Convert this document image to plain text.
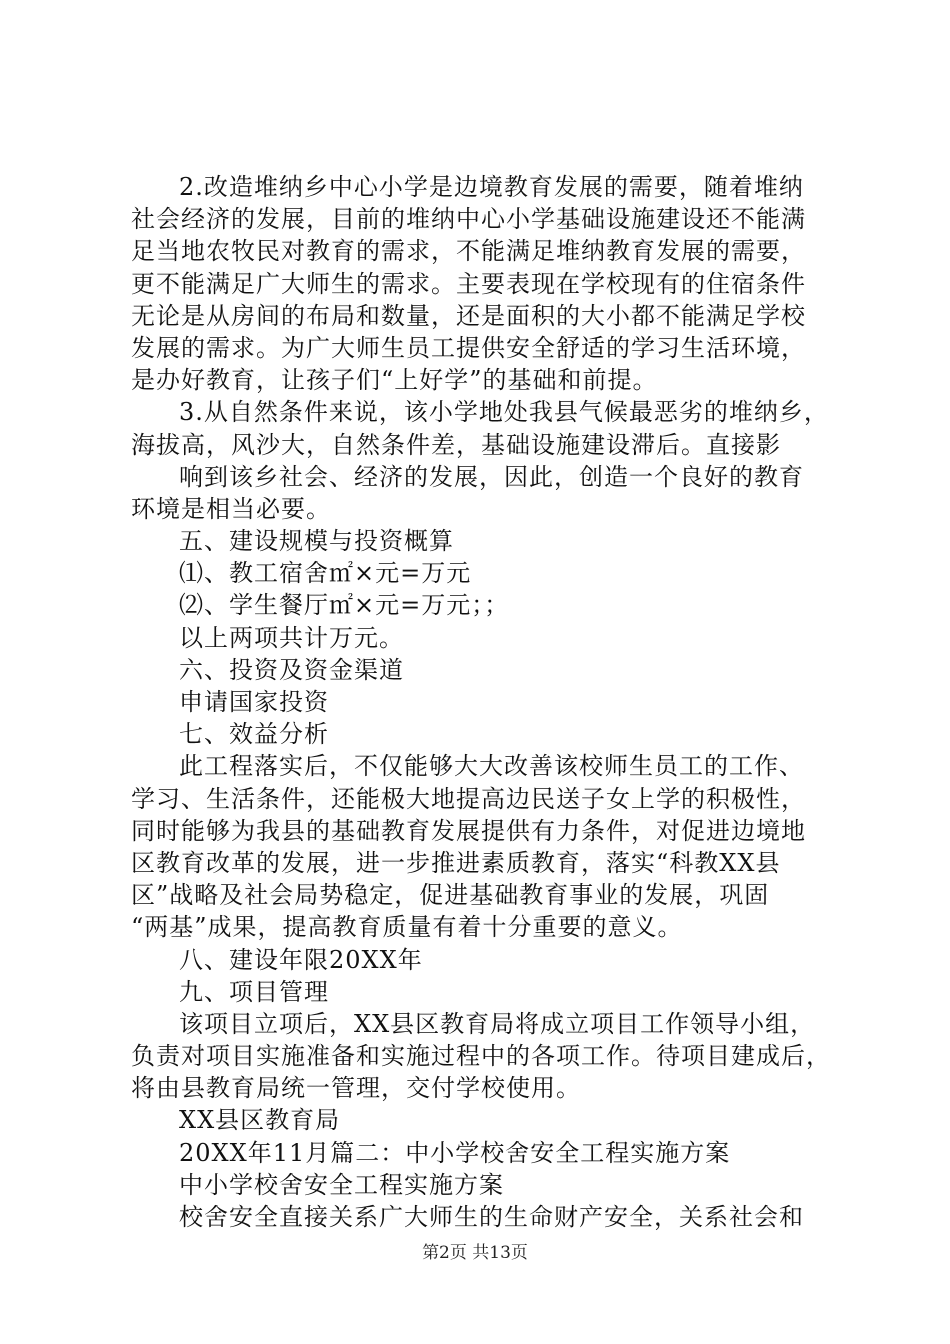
2.改造堆纳乡中心小学是边境教育发展的需要，随着堆纳
社会经济的发展，目前的堆纳中心小学基础设施建设还不能满
足当地农牧民对教育的需求，不能满足堆纳教育发展的需要，
更不能满足广大师生的需求。主要表现在学校现有的住宿条件
无论是从房间的布局和数量，还是面积的大小都不能满足学校
发展的需求。为广大师生员工提供安全舒适的学习生活环境，
是办好教育，让孩子们“上好学”的基础和前提。
3.从自然条件来说，该小学地处我县气候最恶劣的堆纳乡，
海拔高，风沙大，自然条件差，基础设施建设滞后。直接影
响到该乡社会、经济的发展，因此，创造一个良好的教育
环境是相当必要。
五、建设规模与投资概算
⑴、教工宿舍㎡×元=万元
⑵、学生餐厅㎡×元=万元；；
以上两项共计万元。
六、投资及资金渠道
申请国家投资
七、效益分析
此工程落实后，不仅能够大大改善该校师生员工的工作、
学习、生活条件，还能极大地提高边民送子女上学的积极性，
同时能够为我县的基础教育发展提供有力条件，对促进边境地
区教育改革的发展，进一步推进素质教育，落实“科教XX县
区”战略及社会局势稳定，促进基础教育事业的发展，巩固
“两基”成果，提高教育质量有着十分重要的意义。
八、建设年限20XX年
九、项目管理
该项目立项后，XX县区教育局将成立项目工作领导小组，
负责对项目实施准备和实施过程中的各项工作。待项目建成后，
将由县教育局统一管理，交付学校使用。
XX县区教育局
20XX年11月篇二：中小学校舍安全工程实施方案
中小学校舍安全工程实施方案
校舍安全直接关系广大师生的生命财产安全，关系社会和
第2页 共13页
